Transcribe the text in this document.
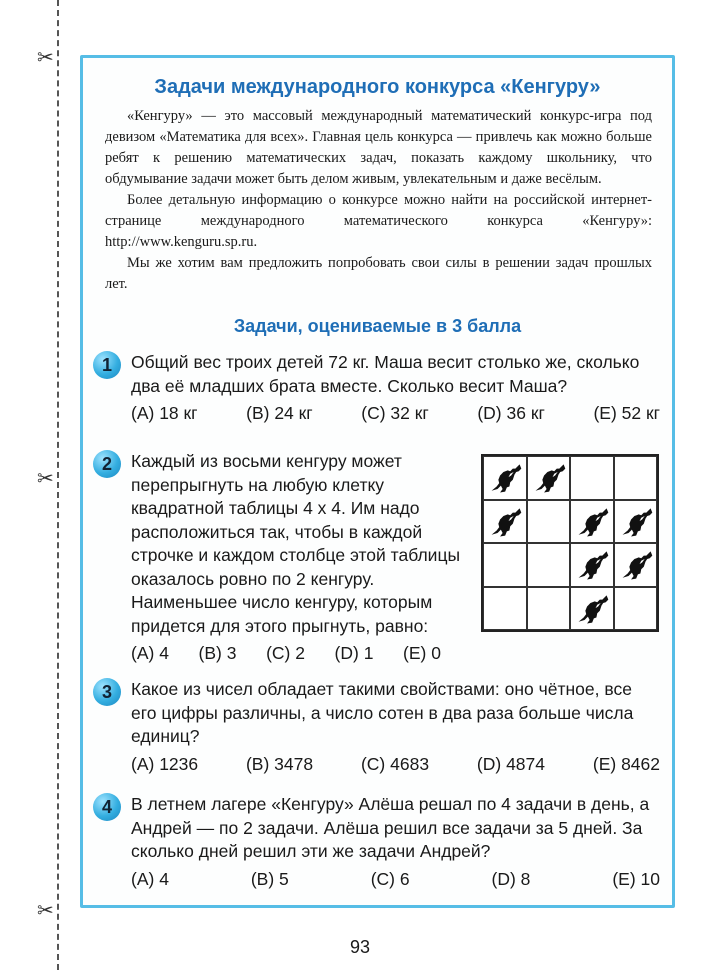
✂
✂
✂
Задачи международного конкурса «Кенгуру»

«Кенгуру» — это массовый международный математический конкурс-игра под девизом «Математика для всех». Главная цель конкурса — привлечь как можно больше ребят к решению математических задач, показать каждому школьнику, что обдумывание задачи может быть делом живым, увлекательным и даже весёлым.

Более детальную информацию о конкурсе можно найти на российской интернет-странице международного математического конкурса «Кенгуру»: http://www.kenguru.sp.ru.

Мы же хотим вам предложить попробовать свои силы в решении задач прошлых лет.

Задачи, оцениваемые в 3 балла
1	Общий вес троих детей 72 кг. Маша весит столько же, сколько два её младших брата вместе. Сколько весит Маша?
(A) 18 кг	(B) 24 кг	(C) 32 кг	(D) 36 кг	(E) 52 кг
2	Каждый из восьми кенгуру может перепрыгнуть на любую клетку квадратной таблицы 4 х 4. Им надо расположиться так, чтобы в каждой строчке и каждом столбце этой таблицы оказалось ровно по 2 кенгуру. Наименьшее число кенгуру, которым придется для этого прыгнуть, равно:
(A) 4 (B) 3 (C) 2 (D) 1 (E) 0
3	Какое из чисел обладает такими свойствами: оно чётное, все его цифры различны, а число сотен в два раза больше числа единиц?
(A) 1236	(B) 3478	(C) 4683	(D) 4874	(E) 8462
4	В летнем лагере «Кенгуру» Алёша решал по 4 задачи в день, а Андрей — по 2 задачи. Алёша решил все задачи за 5 дней. За сколько дней решил эти же задачи Андрей?
(A) 4	(B) 5	(C) 6	(D) 8	(E) 10
93
